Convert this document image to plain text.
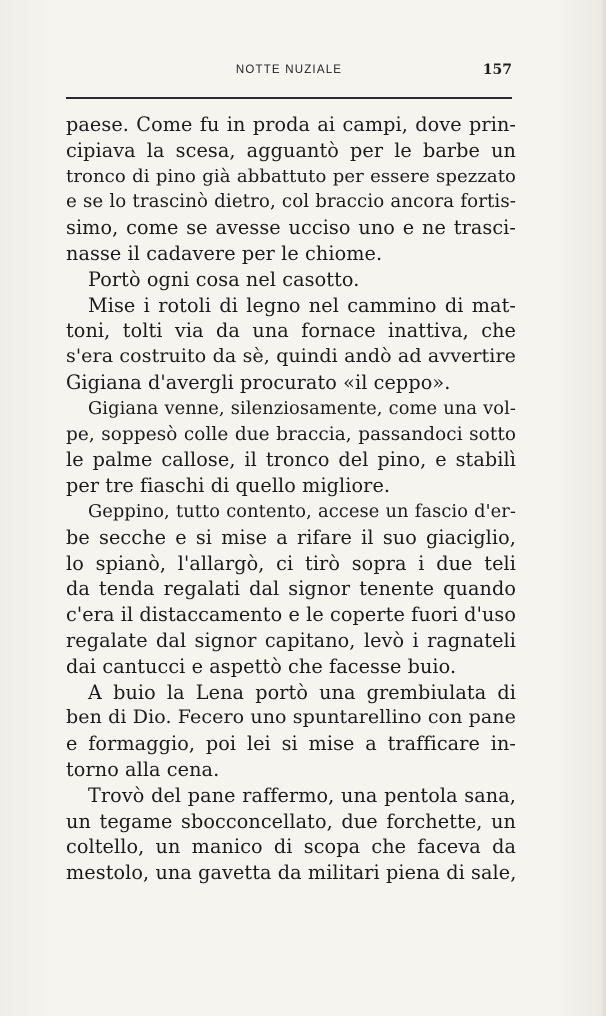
NOTTE NUZIALE	157
paese. Come fu in proda ai campi, dove prin-
cipiava la scesa, agguantò per le barbe un
tronco di pino già abbattuto per essere spezzato
e se lo trascinò dietro, col braccio ancora fortis-
simo, come se avesse ucciso uno e ne trasci-
nasse il cadavere per le chiome.
Portò ogni cosa nel casotto.
Mise i rotoli di legno nel cammino di mat-
toni, tolti via da una fornace inattiva, che
s'era costruito da sè, quindi andò ad avvertire
Gigiana d'avergli procurato «il ceppo».
Gigiana venne, silenziosamente, come una vol-
pe, soppesò colle due braccia, passandoci sotto
le palme callose, il tronco del pino, e stabilì
per tre fiaschi di quello migliore.
Geppino, tutto contento, accese un fascio d'er-
be secche e si mise a rifare il suo giaciglio,
lo spianò, l'allargò, ci tirò sopra i due teli
da tenda regalati dal signor tenente quando
c'era il distaccamento e le coperte fuori d'uso
regalate dal signor capitano, levò i ragnateli
dai cantucci e aspettò che facesse buio.
A buio la Lena portò una grembiulata di
ben di Dio. Fecero uno spuntarellino con pane
e formaggio, poi lei si mise a trafficare in-
torno alla cena.
Trovò del pane raffermo, una pentola sana,
un tegame sbocconcellato, due forchette, un
coltello, un manico di scopa che faceva da
mestolo, una gavetta da militari piena di sale,
